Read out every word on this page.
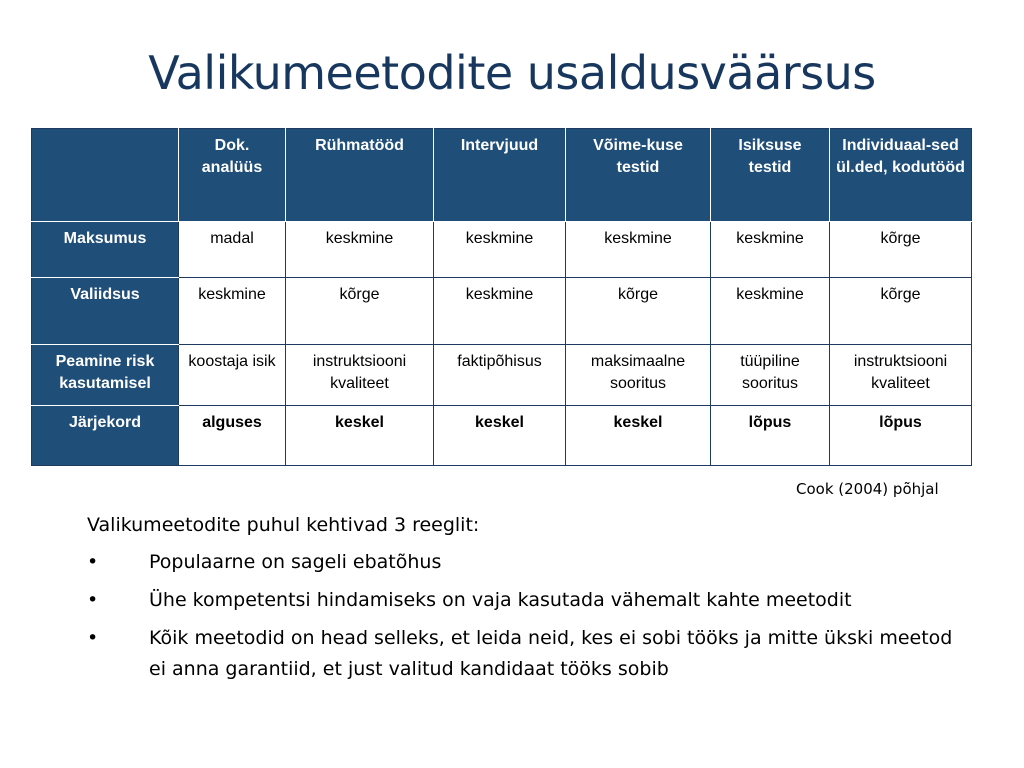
Valikumeetodite usaldusväärsus
	Dok. analüüs	Rühmatööd	Intervjuud	Võime-kuse testid	Isiksuse testid	Individuaal-sed ül.ded, kodutööd
Maksumus	madal	keskmine	keskmine	keskmine	keskmine	kõrge
Valiidsus	keskmine	kõrge	keskmine	kõrge	keskmine	kõrge
Peamine risk kasutamisel	koostaja isik	instruktsiooni kvaliteet	faktipõhisus	maksimaalne sooritus	tüüpiline sooritus	instruktsiooni kvaliteet
Järjekord	alguses	keskel	keskel	keskel	lõpus	lõpus
Cook (2004) põhjal
Valikumeetodite puhul kehtivad 3 reeglit:
•	Populaarne on sageli ebatõhus
•	Ühe kompetentsi hindamiseks on vaja kasutada vähemalt kahte meetodit
•	Kõik meetodid on head selleks, et leida neid, kes ei sobi tööks ja mitte ükski meetod ei anna garantiid, et just valitud kandidaat tööks sobib
